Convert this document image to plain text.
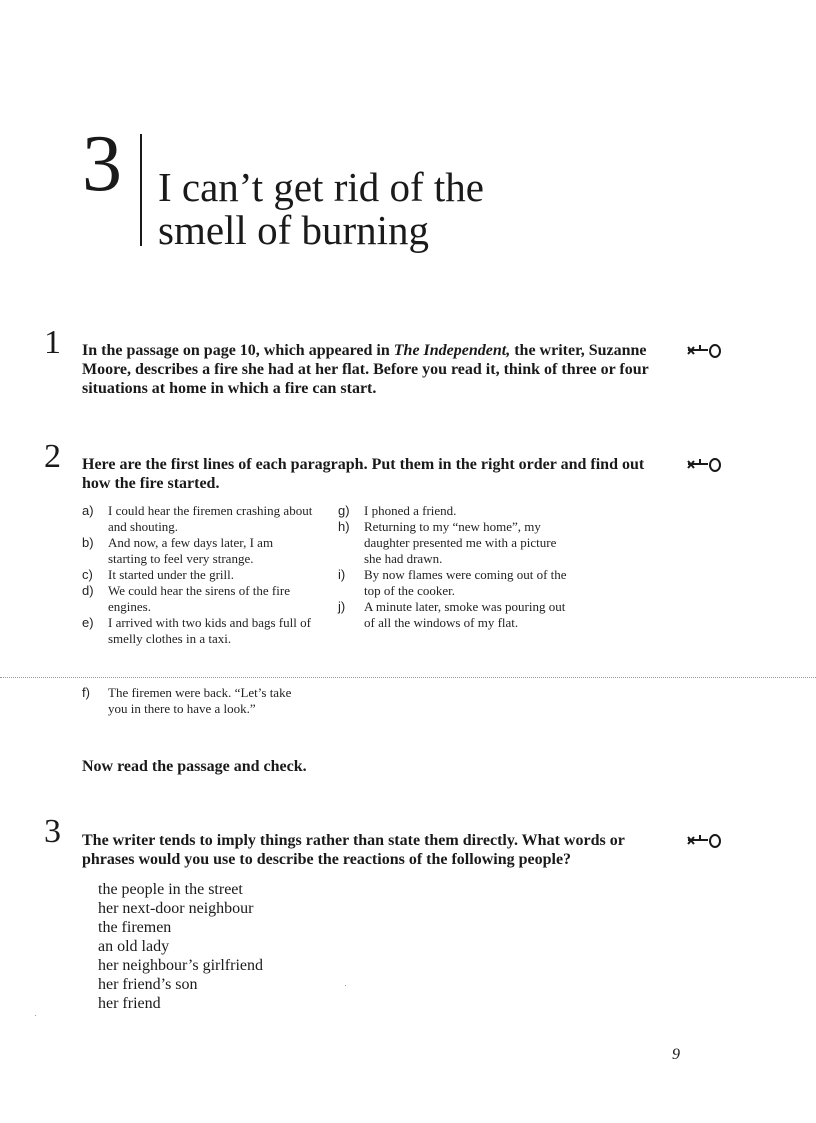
3 I can’t get rid of the
smell of burning
1 In the passage on page 10, which appeared in The Independent, the writer, Suzanne Moore, describes a fire she had at her flat. Before you read it, think of three or four situations at home in which a fire can start.
2 Here are the first lines of each paragraph. Put them in the right order and find out how the fire started.
a) I could hear the firemen crashing about and shouting.
b) And now, a few days later, I am starting to feel very strange.
c) It started under the grill.
d) We could hear the sirens of the fire engines.
e) I arrived with two kids and bags full of smelly clothes in a taxi.
f) The firemen were back. “Let’s take you in there to have a look.”
g) I phoned a friend.
h) Returning to my “new home”, my daughter presented me with a picture she had drawn.
i) By now flames were coming out of the top of the cooker.
j) A minute later, smoke was pouring out of all the windows of my flat.
Now read the passage and check.
3 The writer tends to imply things rather than state them directly. What words or phrases would you use to describe the reactions of the following people?
the people in the street
her next-door neighbour
the firemen
an old lady
her neighbour’s girlfriend
her friend’s son
her friend
9
